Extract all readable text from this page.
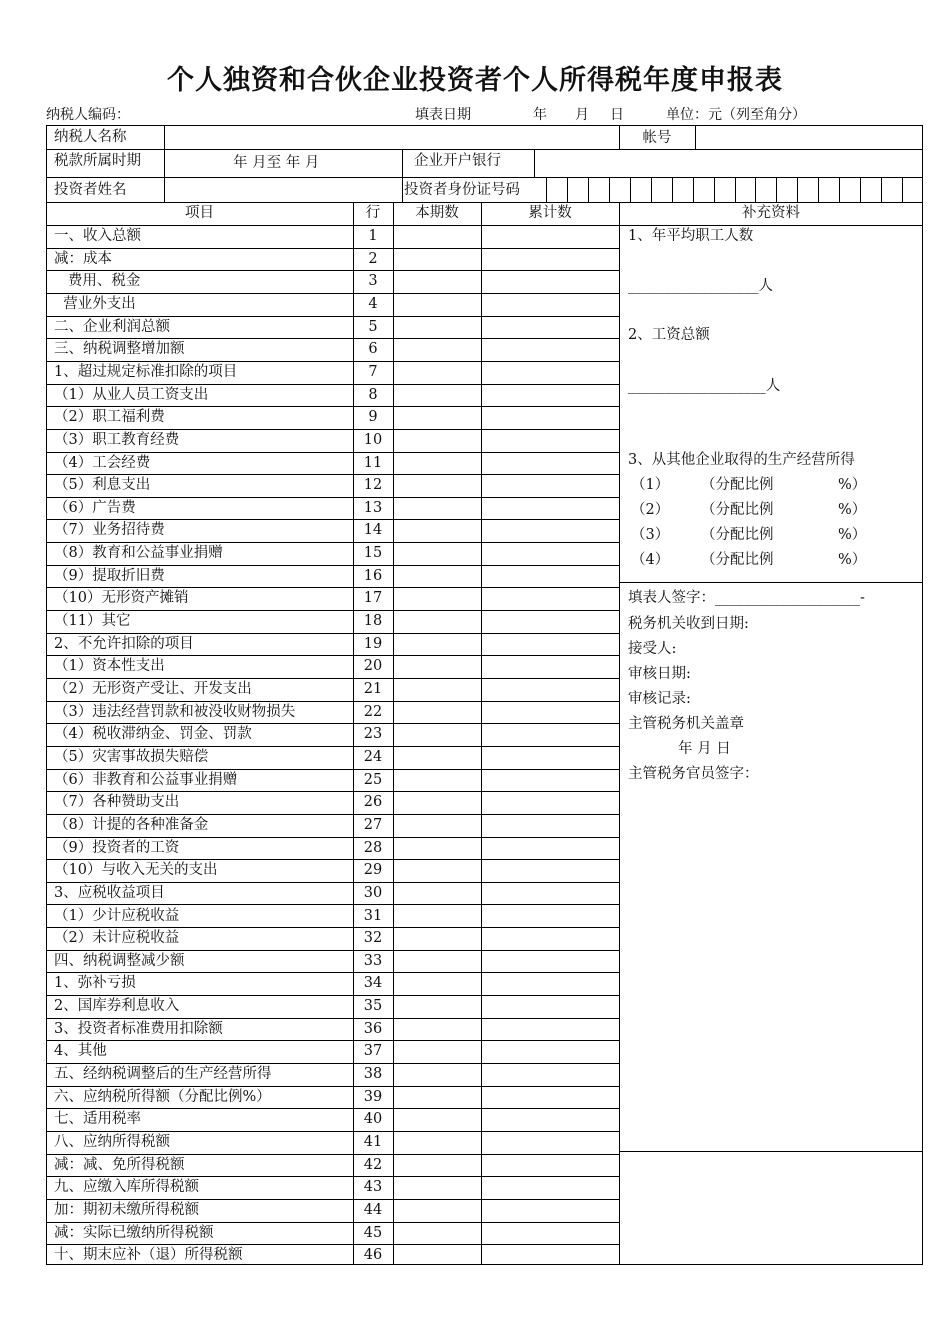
个人独资和合伙企业投资者个人所得税年度申报表
纳税人编码：	填表日期	年 月 日	单位：元（列至角分）
纳税人名称	帐号
税款所属时期	年 月至 年 月	企业开户银行
投资者姓名	投资者身份证号码
项目	行	本期数	累计数	补充资料
1、年平均职工人数
__________________人
2、工资总额
___________________人
3、从其他企业取得的生产经营所得
（1） （分配比例	%）
（2） （分配比例	%）
（3） （分配比例	%）
（4） （分配比例	%）
填表人签字：____________________-
税务机关收到日期:
接受人:
审核日期:
审核记录:
主管税务机关盖章
年 月 日
主管税务官员签字：
一、收入总额	1
减：成本	2
费用、税金	3
营业外支出	4
二、企业利润总额	5
三、纳税调整增加额	6
1、超过规定标准扣除的项目	7
（1）从业人员工资支出	8
（2）职工福利费	9
（3）职工教育经费	10
（4）工会经费	11
（5）利息支出	12
（6）广告费	13
（7）业务招待费	14
（8）教育和公益事业捐赠	15
（9）提取折旧费	16
（10）无形资产摊销	17
（11）其它	18
2、不允许扣除的项目	19
（1）资本性支出	20
（2）无形资产受让、开发支出	21
（3）违法经营罚款和被没收财物损失	22
（4）税收滞纳金、罚金、罚款	23
（5）灾害事故损失赔偿	24
（6）非教育和公益事业捐赠	25
（7）各种赞助支出	26
（8）计提的各种准备金	27
（9）投资者的工资	28
（10）与收入无关的支出	29
3、应税收益项目	30
（1）少计应税收益	31
（2）未计应税收益	32
四、纳税调整减少额	33
1、弥补亏损	34
2、国库券利息收入	35
3、投资者标准费用扣除额	36
4、其他	37
五、经纳税调整后的生产经营所得	38
六、应纳税所得额（分配比例%）	39
七、适用税率	40
八、应纳所得税额	41
减：减、免所得税额	42
九、应缴入库所得税额	43
加：期初未缴所得税额	44
减：实际已缴纳所得税额	45
十、期末应补（退）所得税额	46
